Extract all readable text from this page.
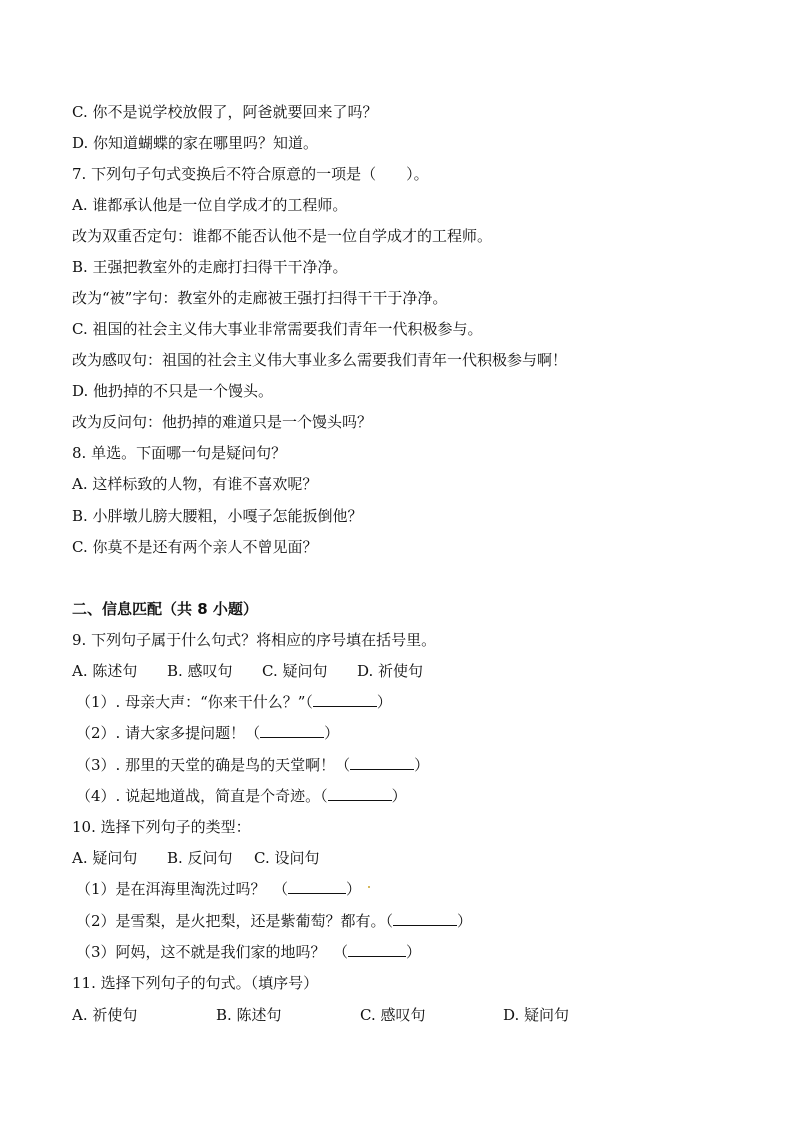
C. 你不是说学校放假了，阿爸就要回来了吗？
D. 你知道蝴蝶的家在哪里吗？知道。
7. 下列句子句式变换后不符合原意的一项是（　　）。
A. 谁都承认他是一位自学成才的工程师。
改为双重否定句：谁都不能否认他不是一位自学成才的工程师。
B. 王强把教室外的走廊打扫得干干净净。
改为“被”字句：教室外的走廊被王强打扫得干干于净净。
C. 祖国的社会主义伟大事业非常需要我们青年一代积极参与。
改为感叹句：祖国的社会主义伟大事业多么需要我们青年一代积极参与啊！
D. 他扔掉的不只是一个馒头。
改为反问句：他扔掉的难道只是一个馒头吗？
8. 单选。下面哪一句是疑问句？
A. 这样标致的人物，有谁不喜欢呢？
B. 小胖墩儿膀大腰粗，小嘎子怎能扳倒他？
C. 你莫不是还有两个亲人不曾见面？
二、信息匹配（共 8 小题）
9. 下列句子属于什么句式？将相应的序号填在括号里。
A. 陈述句 B. 感叹句 C. 疑问句 D. 祈使句
（1）. 母亲大声：“你来干什么？”（	）
（2）. 请大家多提问题！（	）
（3）. 那里的天堂的确是鸟的天堂啊！（	）
（4）. 说起地道战，简直是个奇迹。（	）
10. 选择下列句子的类型：
A. 疑问句 B. 反问句 C. 设问句
（1）是在洱海里淘洗过吗？　（	）
（2）是雪梨，是火把梨，还是紫葡萄？都有。（	）
（3）阿妈，这不就是我们家的地吗？　（	）
11. 选择下列句子的句式。（填序号）
A. 祈使句	B. 陈述句	C. 感叹句	D. 疑问句
